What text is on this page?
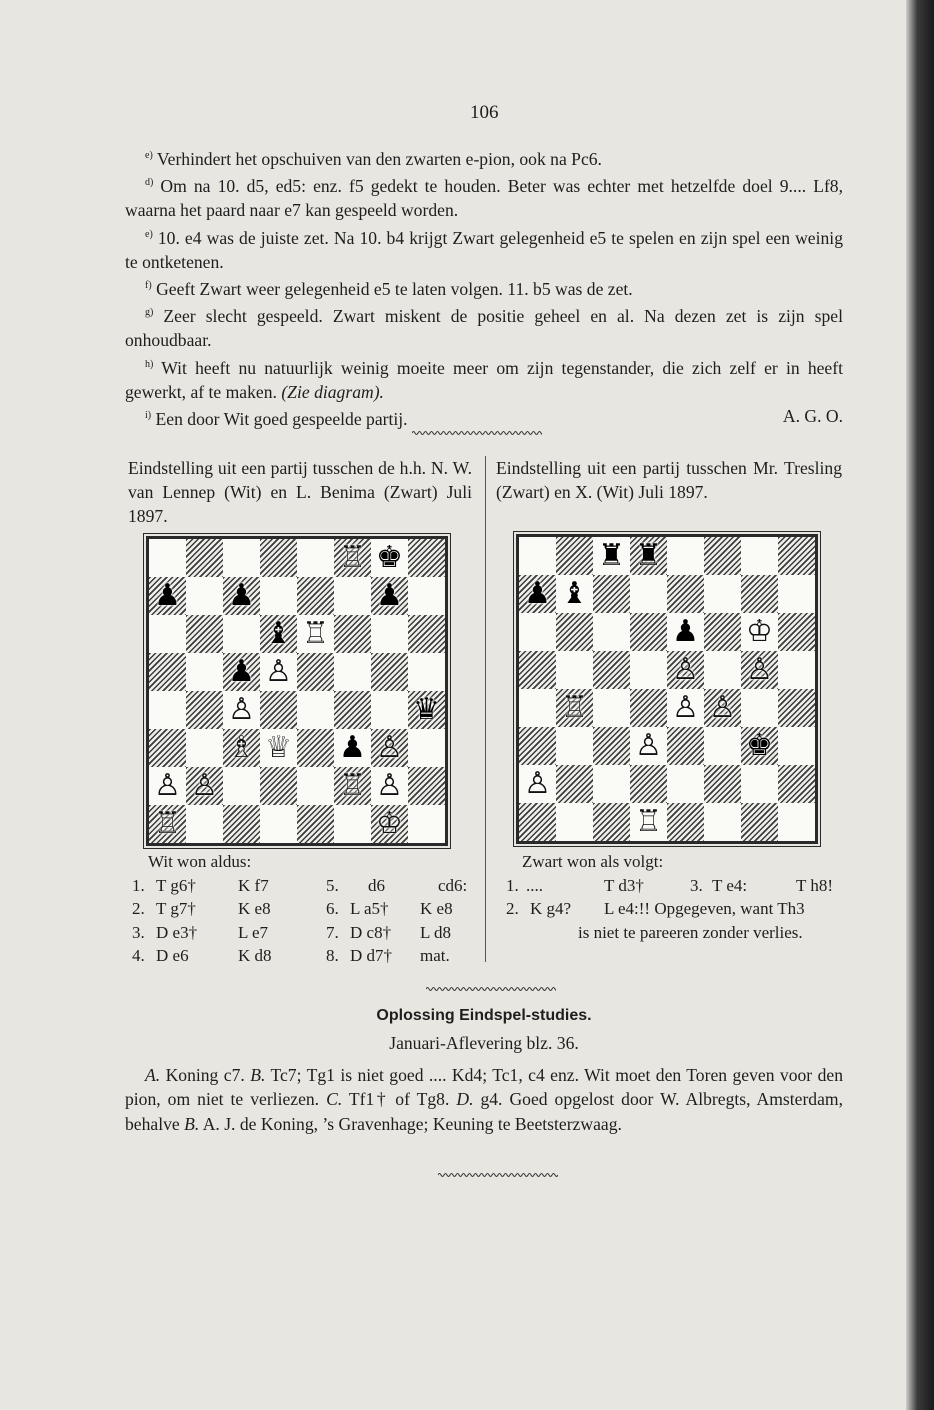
106

$^{e)}$ Verhindert het opschuiven van den zwarten e-pion, ook na Pc6.

$^{d)}$ Om na 10. d5, ed5: enz. f5 gedekt te houden. Beter was echter met hetzelfde doel 9.... Lf8, waarna het paard naar e7 kan gespeeld worden.

$^{e)}$ 10. e4 was de juiste zet. Na 10. b4 krijgt Zwart gelegenheid e5 te spelen en zijn spel een weinig te ontketenen.

$^{f)}$ Geeft Zwart weer gelegenheid e5 te laten volgen. 11. b5 was de zet.

$^{g)}$ Zeer slecht gespeeld. Zwart miskent de positie geheel en al. Na dezen zet is zijn spel onhoudbaar.

$^{h)}$ Wit heeft nu natuurlijk weinig moeite meer om zijn tegenstander, die zich zelf er in heeft gewerkt, af te maken. (Zie diagram).

$^{i)}$ Een door Wit goed gespeelde partij.	A. G. O.

Eindstelling uit een partij tusschen de h.h. N. W. van Lennep (Wit) en L. Benima (Zwart) Juli 1897.

Eindstelling uit een partij tusschen Mr. Tresling (Zwart) en X. (Wit) Juli 1897.

♖ ♚
♟ ♟	♟
♝ ♖
♟ ♙
♙	♛
♗ ♕ ♟ ♙
♙ ♙	♖ ♙
♖	♔
♜ ♜
♟ ♝
♟ ♔
♙ ♙
♖	♙ ♙
♙	♚
♙
♖
Wit won aldus:
1. T g6† K f7	5. d6	cd6:
2. T g7† K e8	6. L a5† K e8
3. D e3† L e7	7. D c8† L d8
4. D e6	K d8	8. D d7† mat.
Zwart won als volgt:
1. ....	T d3†	3. T e4:	T h8!
2. K g4? L e4:!! Opgegeven, want Th3
is niet te pareeren zonder verlies.
Oplossing Eindspel-studies.
Januari-Aflevering blz. 36.

A. Koning c7. B. Tc7; Tg1 is niet goed .... Kd4; Tc1, c4 enz. Wit moet den Toren geven voor den pion, om niet te verliezen. C. Tf1† of Tg8. D. g4. Goed opgelost door W. Albregts, Amsterdam, behalve B. A. J. de Koning, ’s Gravenhage; Keuning te Beetsterzwaag.
